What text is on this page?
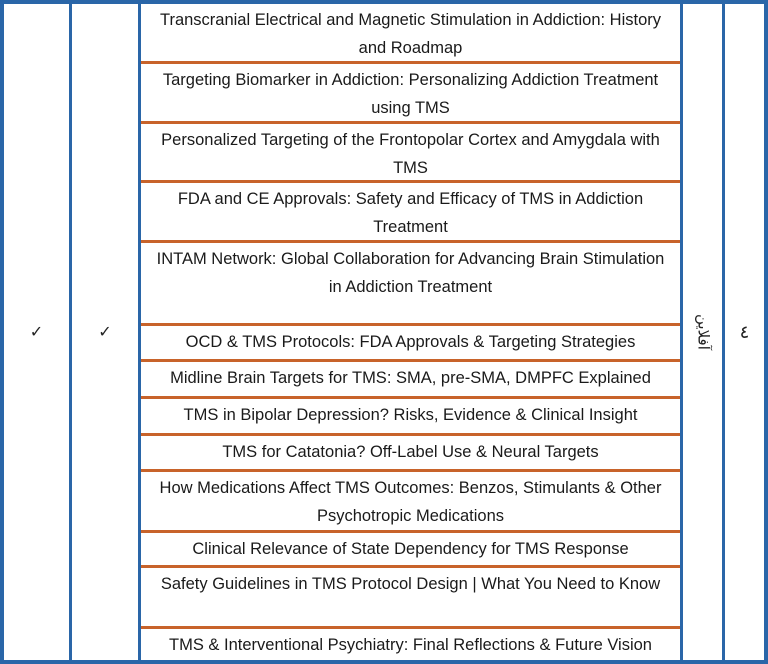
✓	✓
Transcranial Electrical and Magnetic Stimulation in Addiction: History and Roadmap
Targeting Biomarker in Addiction: Personalizing Addiction Treatment using TMS
Personalized Targeting of the Frontopolar Cortex and Amygdala with TMS
FDA and CE Approvals: Safety and Efficacy of TMS in Addiction Treatment
INTAM Network: Global Collaboration for Advancing Brain Stimulation in Addiction Treatment
OCD & TMS Protocols: FDA Approvals & Targeting Strategies
Midline Brain Targets for TMS: SMA, pre-SMA, DMPFC Explained
TMS in Bipolar Depression? Risks, Evidence & Clinical Insight
TMS for Catatonia? Off-Label Use & Neural Targets
How Medications Affect TMS Outcomes: Benzos, Stimulants & Other Psychotropic Medications
Clinical Relevance of State Dependency for TMS Response
Safety Guidelines in TMS Protocol Design | What You Need to Know
TMS & Interventional Psychiatry: Final Reflections & Future Vision
آفلاین ٤
